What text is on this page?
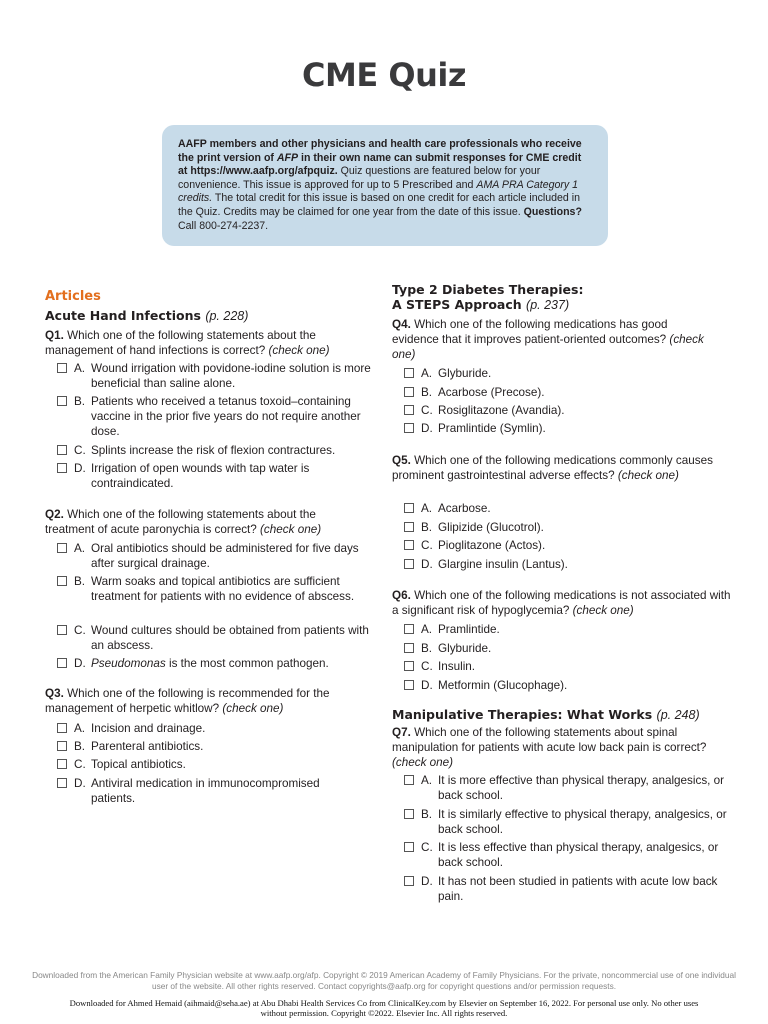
CME Quiz
AAFP members and other physicians and health care professionals who receive the print version of AFP in their own name can submit responses for CME credit at https://www.aafp.org/afpquiz. Quiz questions are featured below for your convenience. This issue is approved for up to 5 Prescribed and AMA PRA Category 1 credits. The total credit for this issue is based on one credit for each article included in the Quiz. Credits may be claimed for one year from the date of this issue. Questions? Call 800-274-2237.
Articles
Acute Hand Infections (p. 228)
Q1. Which one of the following statements about the management of hand infections is correct? (check one)
A. Wound irrigation with povidone-iodine solution is more beneficial than saline alone.
B. Patients who received a tetanus toxoid–containing vaccine in the prior five years do not require another dose.
C. Splints increase the risk of flexion contractures.
D. Irrigation of open wounds with tap water is contraindicated.
Q2. Which one of the following statements about the treatment of acute paronychia is correct? (check one)
A. Oral antibiotics should be administered for five days after surgical drainage.
B. Warm soaks and topical antibiotics are sufficient treatment for patients with no evidence of abscess.
C. Wound cultures should be obtained from patients with an abscess.
D. Pseudomonas is the most common pathogen.
Q3. Which one of the following is recommended for the management of herpetic whitlow? (check one)
A. Incision and drainage.
B. Parenteral antibiotics.
C. Topical antibiotics.
D. Antiviral medication in immunocompromised patients.
Type 2 Diabetes Therapies:
A STEPS Approach (p. 237)
Q4. Which one of the following medications has good evidence that it improves patient-oriented outcomes? (check one)
A. Glyburide.
B. Acarbose (Precose).
C. Rosiglitazone (Avandia).
D. Pramlintide (Symlin).
Q5. Which one of the following medications commonly causes prominent gastrointestinal adverse effects? (check one)
A. Acarbose.
B. Glipizide (Glucotrol).
C. Pioglitazone (Actos).
D. Glargine insulin (Lantus).
Q6. Which one of the following medications is not associated with a significant risk of hypoglycemia? (check one)
A. Pramlintide.
B. Glyburide.
C. Insulin.
D. Metformin (Glucophage).
Manipulative Therapies: What Works (p. 248)
Q7. Which one of the following statements about spinal manipulation for patients with acute low back pain is correct? (check one)
A. It is more effective than physical therapy, analgesics, or back school.
B. It is similarly effective to physical therapy, analgesics, or back school.
C. It is less effective than physical therapy, analgesics, or back school.
D. It has not been studied in patients with acute low back pain.
Downloaded from the American Family Physician website at www.aafp.org/afp. Copyright © 2019 American Academy of Family Physicians. For the private, noncommercial use of one individual user of the website. All other rights reserved. Contact copyrights@aafp.org for copyright questions and/or permission requests.
Downloaded for Ahmed Hemaid (aihmaid@seha.ae) at Abu Dhabi Health Services Co from ClinicalKey.com by Elsevier on September 16, 2022. For personal use only. No other uses without permission. Copyright ©2022. Elsevier Inc. All rights reserved.
